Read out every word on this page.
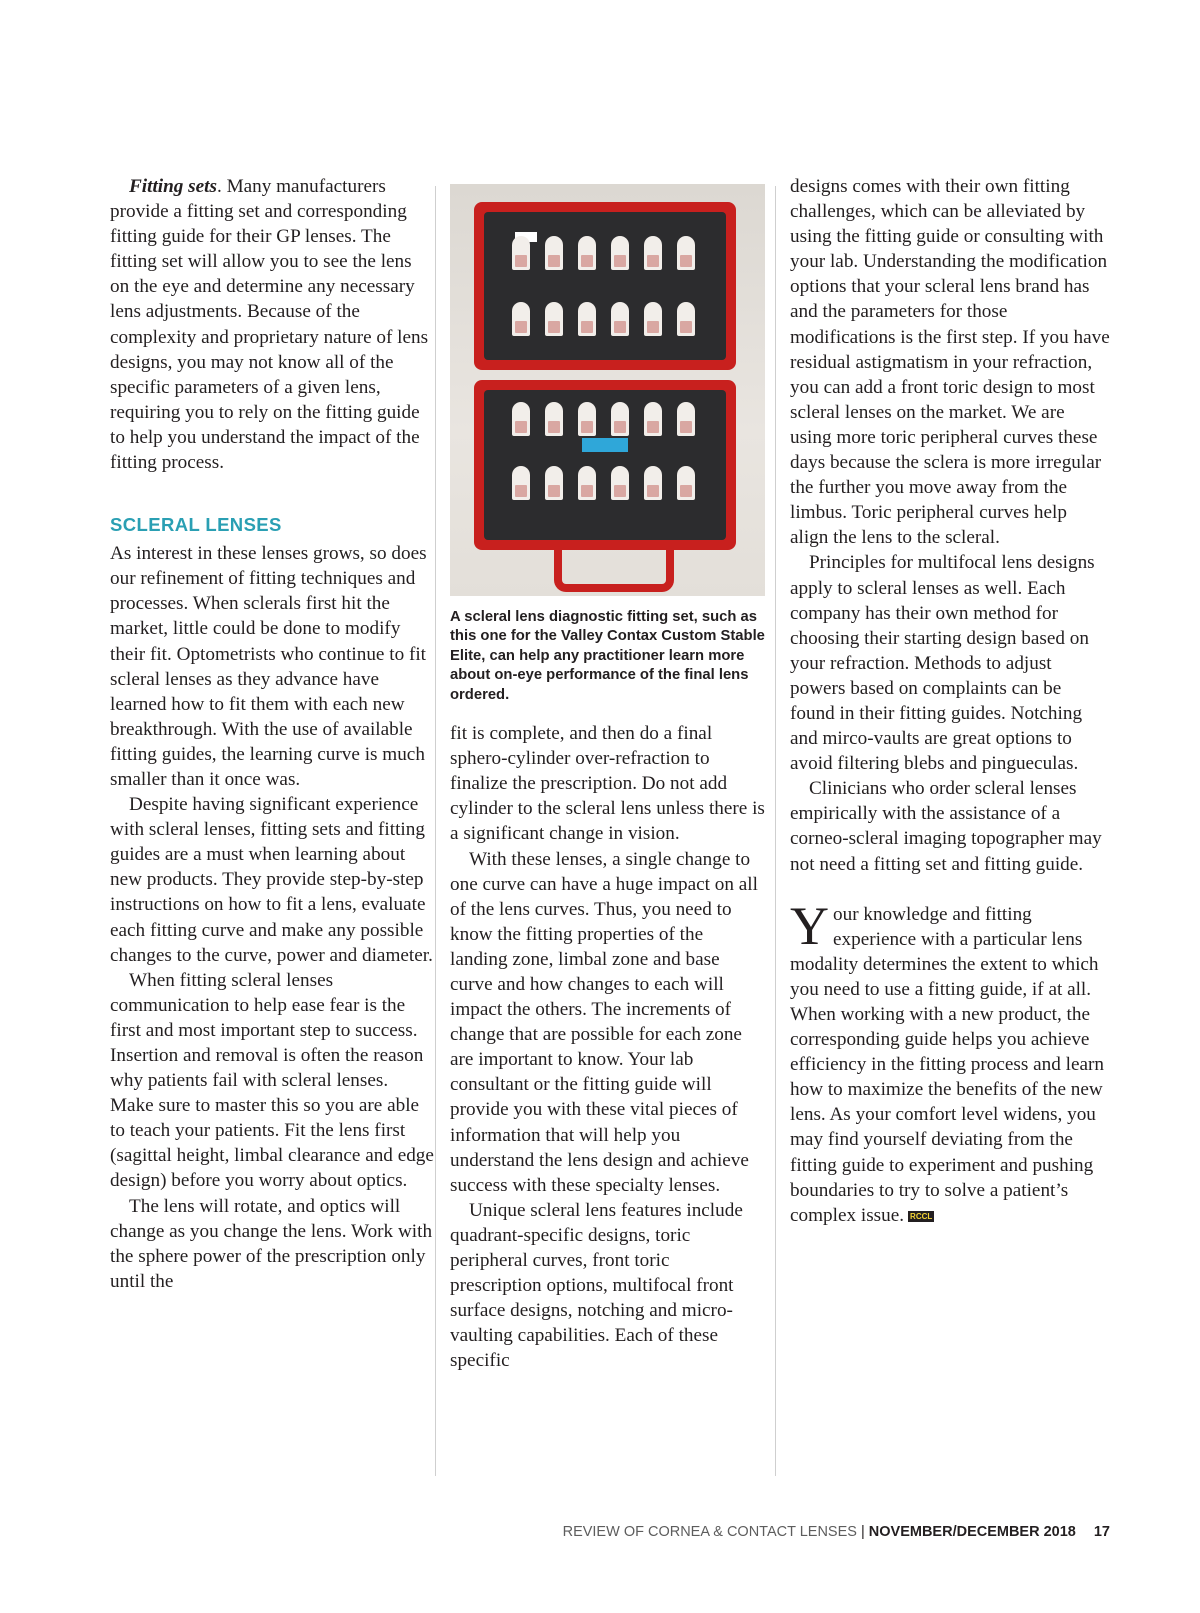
Fitting sets. Many manufacturers provide a fitting set and corresponding fitting guide for their GP lenses. The fitting set will allow you to see the lens on the eye and determine any necessary lens adjustments. Because of the complexity and proprietary nature of lens designs, you may not know all of the specific parameters of a given lens, requiring you to rely on the fitting guide to help you understand the impact of the fitting process.

SCLERAL LENSES

As interest in these lenses grows, so does our refinement of fitting techniques and processes. When sclerals first hit the market, little could be done to modify their fit. Optometrists who continue to fit scleral lenses as they advance have learned how to fit them with each new breakthrough. With the use of available fitting guides, the learning curve is much smaller than it once was.

Despite having significant experience with scleral lenses, fitting sets and fitting guides are a must when learning about new products. They provide step-by-step instructions on how to fit a lens, evaluate each fitting curve and make any possible changes to the curve, power and diameter.

When fitting scleral lenses communication to help ease fear is the first and most important step to success. Insertion and removal is often the reason why patients fail with scleral lenses. Make sure to master this so you are able to teach your patients. Fit the lens first (sagittal height, limbal clearance and edge design) before you worry about optics.

The lens will rotate, and optics will change as you change the lens. Work with the sphere power of the prescription only until the

A scleral lens diagnostic fitting set, such as this one for the Valley Contax Custom Stable Elite, can help any practitioner learn more about on-eye performance of the final lens ordered.

fit is complete, and then do a final sphero-cylinder over-refraction to finalize the prescription. Do not add cylinder to the scleral lens unless there is a significant change in vision.

With these lenses, a single change to one curve can have a huge impact on all of the lens curves. Thus, you need to know the fitting properties of the landing zone, limbal zone and base curve and how changes to each will impact the others. The increments of change that are possible for each zone are important to know. Your lab consultant or the fitting guide will provide you with these vital pieces of information that will help you understand the lens design and achieve success with these specialty lenses.

Unique scleral lens features include quadrant-specific designs, toric peripheral curves, front toric prescription options, multifocal front surface designs, notching and micro-vaulting capabilities. Each of these specific

designs comes with their own fitting challenges, which can be alleviated by using the fitting guide or consulting with your lab. Understanding the modification options that your scleral lens brand has and the parameters for those modifications is the first step. If you have residual astigmatism in your refraction, you can add a front toric design to most scleral lenses on the market. We are using more toric peripheral curves these days because the sclera is more irregular the further you move away from the limbus. Toric peripheral curves help align the lens to the scleral.

Principles for multifocal lens designs apply to scleral lenses as well. Each company has their own method for choosing their starting design based on your refraction. Methods to adjust powers based on complaints can be found in their fitting guides. Notching and mirco-vaults are great options to avoid filtering blebs and pingueculas.

Clinicians who order scleral lenses empirically with the assistance of a corneo-scleral imaging topographer may not need a fitting set and fitting guide.

Your knowledge and fitting experience with a particular lens modality determines the extent to which you need to use a fitting guide, if at all. When working with a new product, the corresponding guide helps you achieve efficiency in the fitting process and learn how to maximize the benefits of the new lens. As your comfort level widens, you may find yourself deviating from the fitting guide to experiment and pushing boundaries to try to solve a patient’s complex issue. RCCL

REVIEW OF CORNEA & CONTACT LENSES | NOVEMBER/DECEMBER 2018 17
